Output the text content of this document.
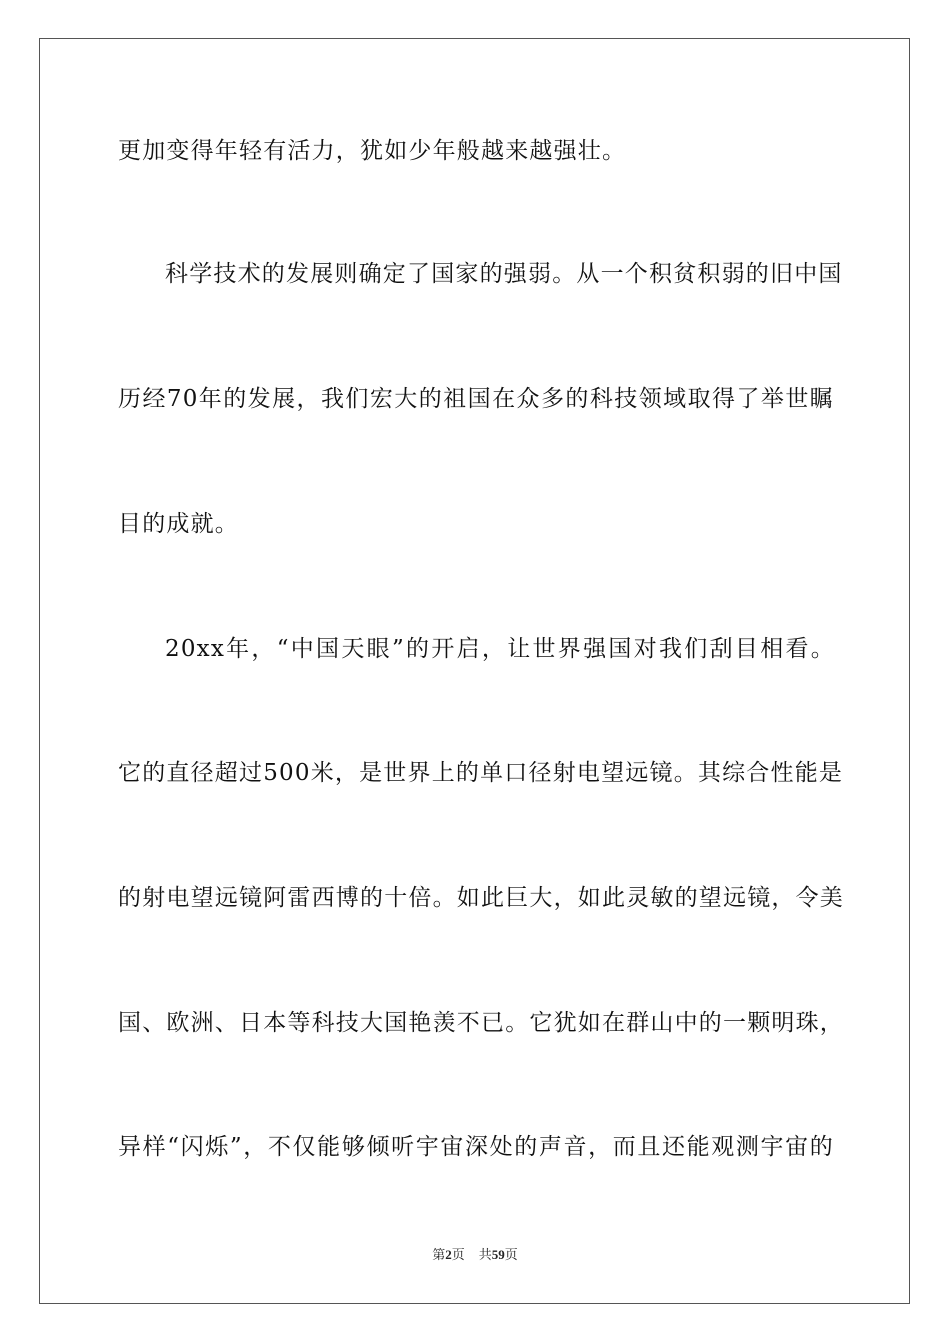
更加变得年轻有活力，犹如少年般越来越强壮。
科学技术的发展则确定了国家的强弱。从一个积贫积弱的旧中国
历经70年的发展，我们宏大的祖国在众多的科技领域取得了举世瞩
目的成就。
20xx年，“中国天眼”的开启，让世界强国对我们刮目相看。
它的直径超过500米，是世界上的单口径射电望远镜。其综合性能是
的射电望远镜阿雷西博的十倍。如此巨大，如此灵敏的望远镜，令美
国、欧洲、日本等科技大国艳羡不已。它犹如在群山中的一颗明珠，
异样“闪烁”，不仅能够倾听宇宙深处的声音，而且还能观测宇宙的
第2页 共59页
